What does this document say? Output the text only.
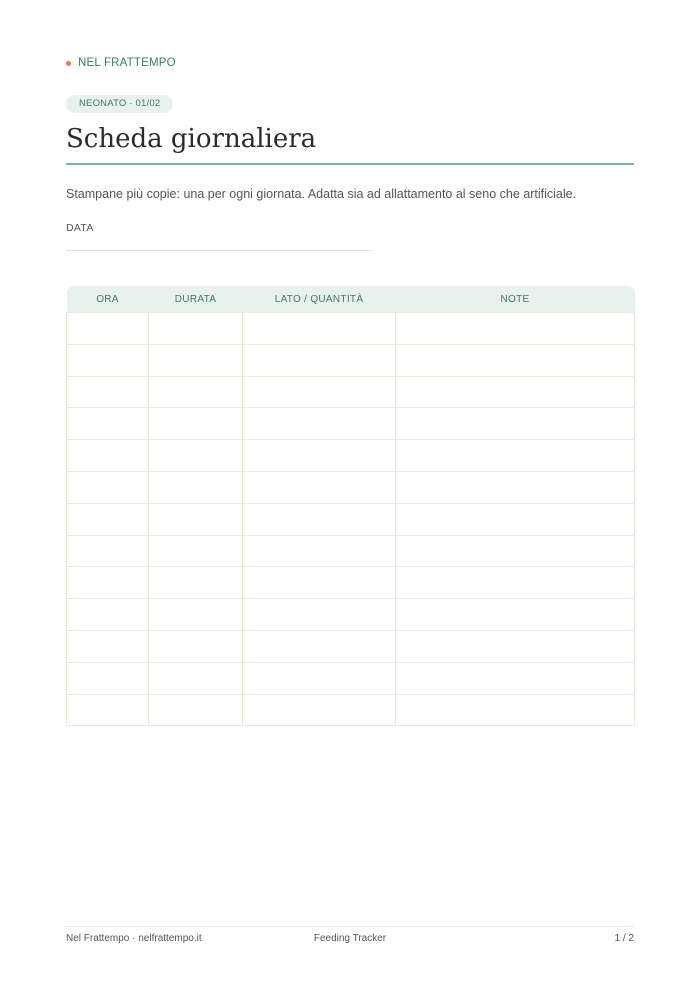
NEL FRATTEMPO
NEONATO · 01/02
Scheda giornaliera
Stampane più copie: una per ogni giornata. Adatta sia ad allattamento al seno che artificiale.
DATA
ORA	DURATA	LATO / QUANTITÀ	NOTE

Nel Frattempo · nelfrattempo.it	Feeding Tracker	1 / 2
